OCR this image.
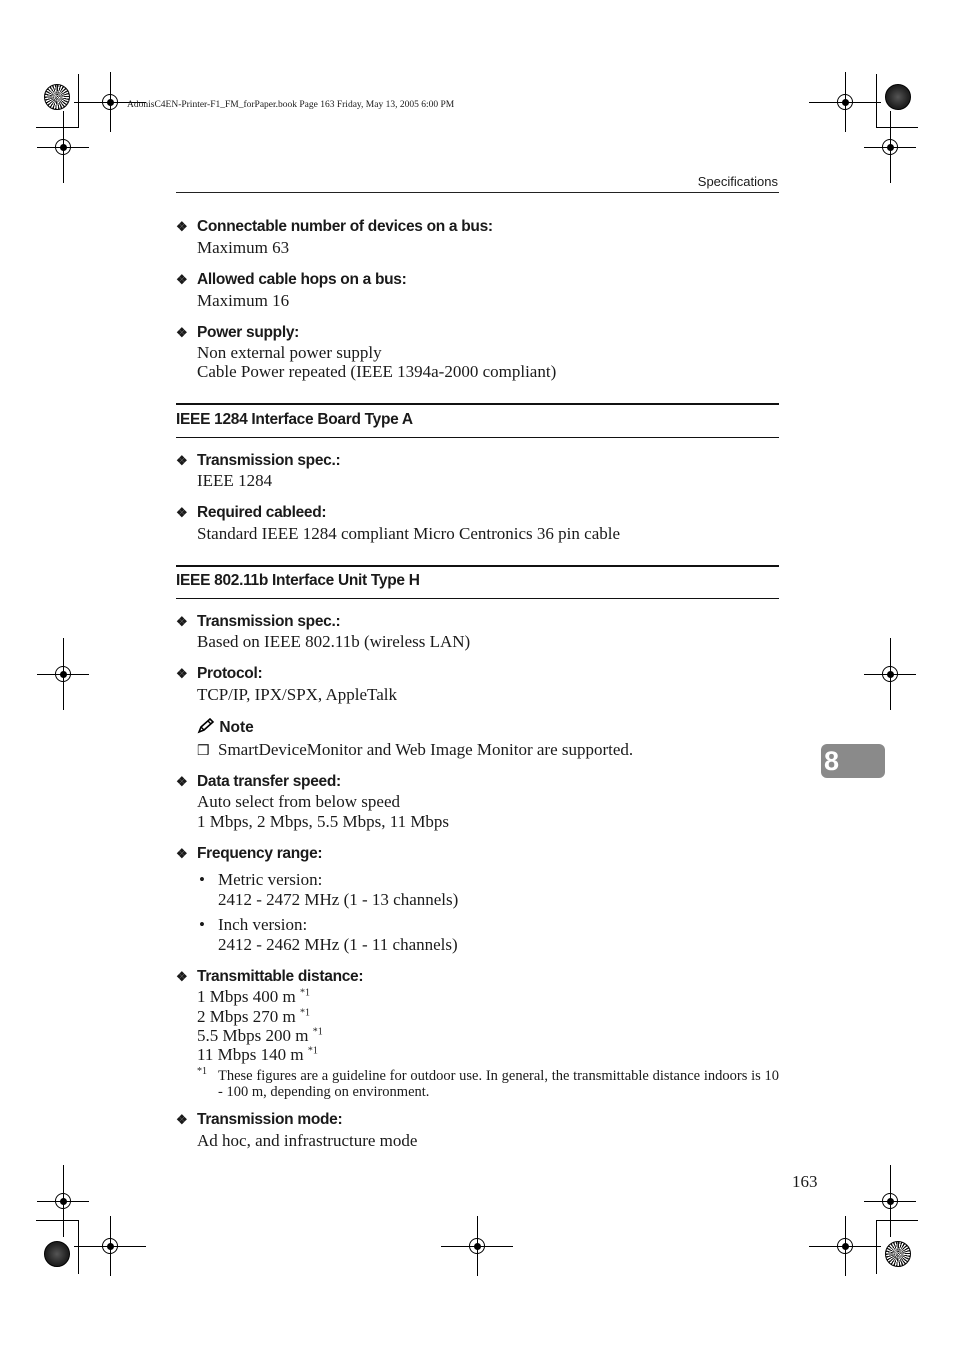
AdonisC4EN-Printer-F1_FM_forPaper.book Page 163 Friday, May 13, 2005 6:00 PM
Specifications
❖ Connectable number of devices on a bus:
Maximum 63
❖ Allowed cable hops on a bus:
Maximum 16
❖ Power supply:
Non external power supply
Cable Power repeated (IEEE 1394a-2000 compliant)
IEEE 1284 Interface Board Type A
❖ Transmission spec.:
IEEE 1284
❖ Required cableed:
Standard IEEE 1284 compliant Micro Centronics 36 pin cable
IEEE 802.11b Interface Unit Type H
❖ Transmission spec.:
Based on IEEE 802.11b (wireless LAN)
❖ Protocol:
TCP/IP, IPX/SPX, AppleTalk
Note
❒ SmartDeviceMonitor and Web Image Monitor are supported.
❖ Data transfer speed:
Auto select from below speed
1 Mbps, 2 Mbps, 5.5 Mbps, 11 Mbps
❖ Frequency range:
• Metric version:
2412 - 2472 MHz (1 - 13 channels)
• Inch version:
2412 - 2462 MHz (1 - 11 channels)
❖ Transmittable distance:
1 Mbps 400 m $^{*1}$
2 Mbps 270 m $^{*1}$
5.5 Mbps 200 m $^{*1}$
11 Mbps 140 m $^{*1}$
*1 These figures are a guideline for outdoor use. In general, the transmittable distance indoors is 10 - 100 m, depending on environment.
❖ Transmission mode:
Ad hoc, and infrastructure mode
8
163
